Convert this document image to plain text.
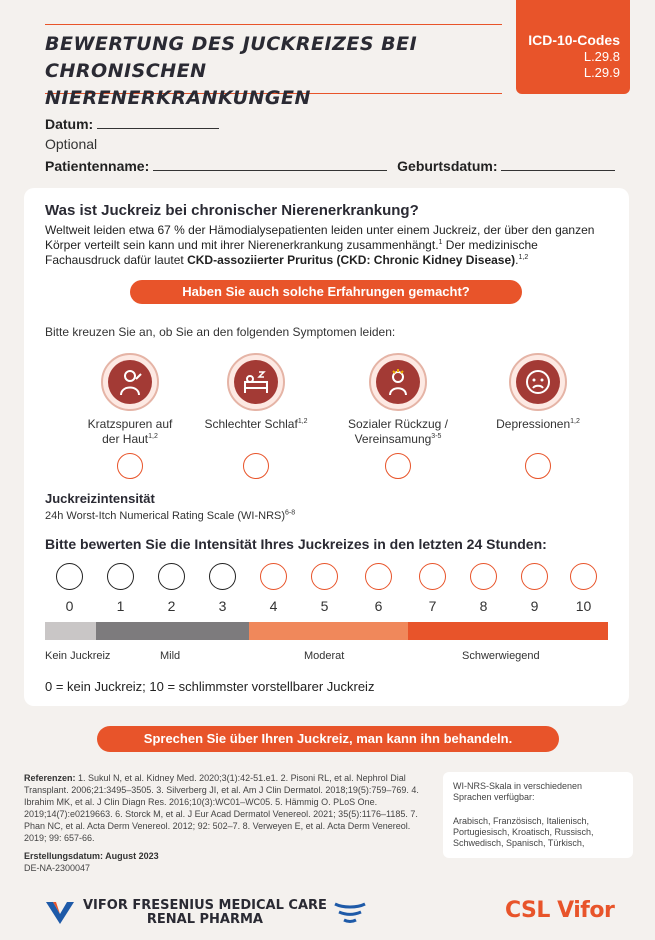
BEWERTUNG DES JUCKREIZES BEI CHRONISCHEN
NIERENERKRANKUNGEN
ICD-10-Codes
L.29.8
L.29.9
Datum:
Optional
Patientenname:	Geburtsdatum:
Was ist Juckreiz bei chronischer Nierenerkrankung?
Weltweit leiden etwa 67 % der Hämodialysepatienten leiden unter einem Juckreiz, der über den ganzen Körper verteilt sein kann und mit ihrer Nierenerkrankung zusammenhängt.$^1$ Der medizinische Fachausdruck dafür lautet CKD-assoziierter Pruritus (CKD: Chronic Kidney Disease).$^{1,2}$
Haben Sie auch solche Erfahrungen gemacht?
Bitte kreuzen Sie an, ob Sie an den folgenden Symptomen leiden:
Kratzspuren auf
der Haut$^{1,2}$
Schlechter Schlaf$^{1,2}$	Sozialer Rückzug /
Vereinsamung$^{3-5}$
Depressionen$^{1,2}$

Juckreizintensität
24h Worst-Itch Numerical Rating Scale $(WI-NRS)^{6-8}$
Bitte bewerten Sie die Intensität Ihres Juckreizes in den letzten 24 Stunden:
0	1	2	3	4	5	6	7	8	9	10
Kein Juckreiz	Mild	Moderat	Schwerwiegend
0 = kein Juckreiz; 10 = schlimmster vorstellbarer Juckreiz
Sprechen Sie über Ihren Juckreiz, man kann ihn behandeln.
Referenzen: 1. Sukul N, et al. Kidney Med. 2020;3(1):42-51.e1. 2. Pisoni RL, et al. Nephrol Dial Transplant. 2006;21:3495–3505. 3. Silverberg JI, et al. Am J Clin Dermatol. 2018;19(5):759–769. 4. Ibrahim MK, et al. J Clin Diagn Res. 2016;10(3):WC01–WC05. 5. Hämmig O. PLoS One. 2019;14(7):e0219663. 6. Storck M, et al. J Eur Acad Dermatol Venereol. 2021; 35(5):1176–1185. 7. Phan NC, et al. Acta Derm Venereol. 2012; 92: 502–7. 8. Verweyen E, et al. Acta Derm Venereol. 2019; 99: 657-66.
Erstellungsdatum: August 2023
DE-NA-2300047
WI-NRS-Skala in verschiedenen Sprachen verfügbar:
Arabisch, Französisch, Italienisch, Portugiesisch, Kroatisch, Russisch, Schwedisch, Spanisch, Türkisch,
VIFOR FRESENIUS MEDICAL CARE
RENAL PHARMA	CSL Vifor
